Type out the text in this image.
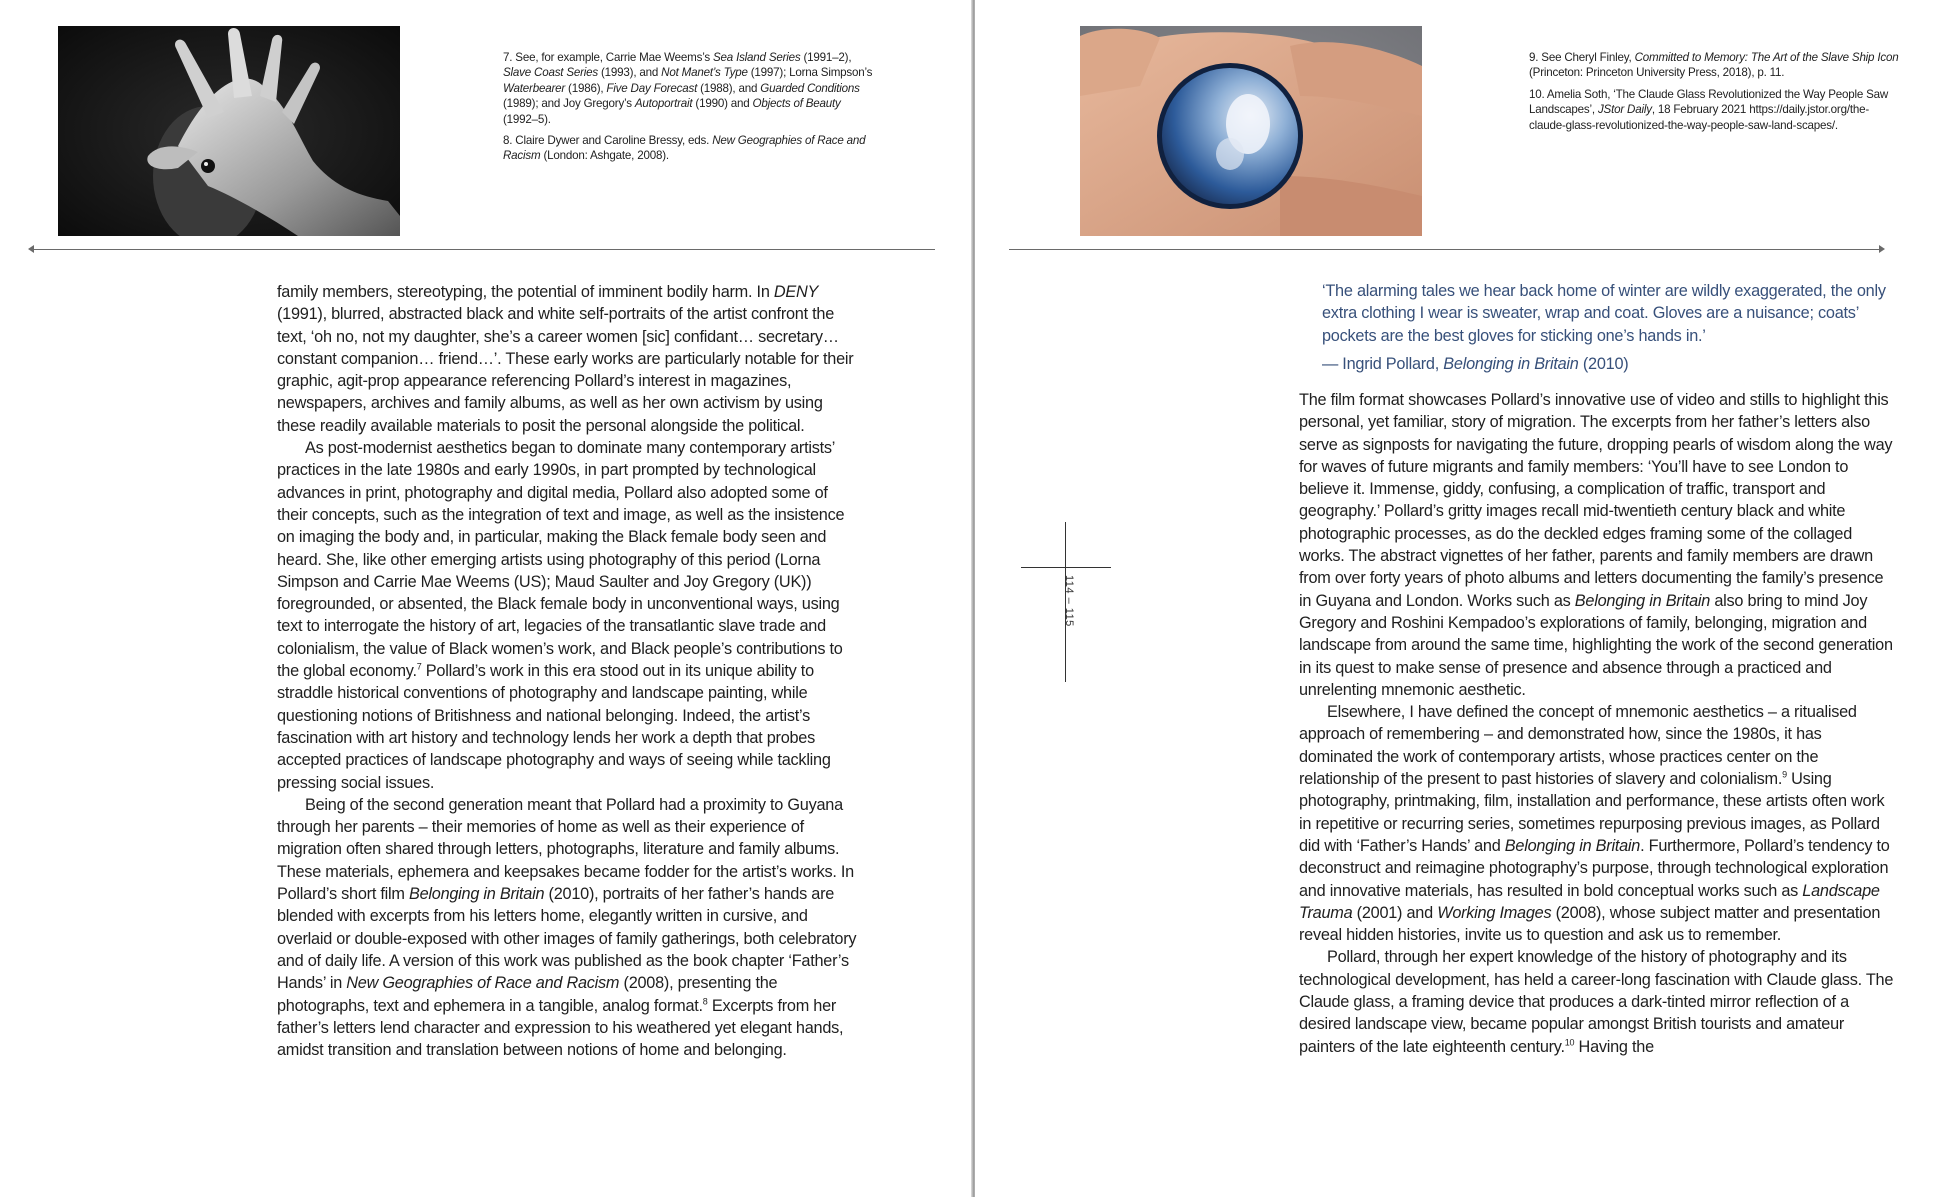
7. See, for example, Carrie Mae Weems’s Sea Island Series (1991–2), Slave Coast Series (1993), and Not Manet’s Type (1997); Lorna Simpson’s Waterbearer (1986), Five Day Forecast (1988), and Guarded Conditions (1989); and Joy Gregory’s Autoportrait (1990) and Objects of Beauty (1992–5).

8. Claire Dywer and Caroline Bressy, eds. New Geographies of Race and Racism (London: Ashgate, 2008).

family members, stereotyping, the potential of imminent bodily harm. In DENY (1991), blurred, abstracted black and white self-portraits of the artist confront the text, ‘oh no, not my daughter, she’s a career women [sic] confidant… secretary… constant companion… friend…’. These early works are particularly notable for their graphic, agit-prop appearance referencing Pollard’s interest in magazines, newspapers, archives and family albums, as well as her own activism by using these readily available materials to posit the personal alongside the political.

As post-modernist aesthetics began to dominate many contemporary artists’ practices in the late 1980s and early 1990s, in part prompted by technological advances in print, photography and digital media, Pollard also adopted some of their concepts, such as the integration of text and image, as well as the insistence on imaging the body and, in particular, making the Black female body seen and heard. She, like other emerging artists using photography of this period (Lorna Simpson and Carrie Mae Weems (US); Maud Saulter and Joy Gregory (UK)) foregrounded, or absented, the Black female body in unconventional ways, using text to interrogate the history of art, legacies of the transatlantic slave trade and colonialism, the value of Black women’s work, and Black people’s contributions to the global economy.$^7$ Pollard’s work in this era stood out in its unique ability to straddle historical conventions of photography and landscape painting, while questioning notions of Britishness and national belonging. Indeed, the artist’s fascination with art history and technology lends her work a depth that probes accepted practices of landscape photography and ways of seeing while tackling pressing social issues.

Being of the second generation meant that Pollard had a proximity to Guyana through her parents – their memories of home as well as their experience of migration often shared through letters, photographs, literature and family albums. These materials, ephemera and keepsakes became fodder for the artist’s works. In Pollard’s short film Belonging in Britain (2010), portraits of her father’s hands are blended with excerpts from his letters home, elegantly written in cursive, and overlaid or double-exposed with other images of family gatherings, both celebratory and of daily life. A version of this work was published as the book chapter ‘Father’s Hands’ in New Geographies of Race and Racism (2008), presenting the photographs, text and ephemera in a tangible, analog format.$^8$ Excerpts from her father’s letters lend character and expression to his weathered yet elegant hands, amidst transition and translation between notions of home and belonging.

9. See Cheryl Finley, Committed to Memory: The Art of the Slave Ship Icon (Princeton: Princeton University Press, 2018), p. 11.

10. Amelia Soth, ‘The Claude Glass Revolutionized the Way People Saw Landscapes’, JStor Daily, 18 February 2021 https://daily.jstor.org/the-claude-glass-revolutionized-the-way-people-saw-land-scapes/.

‘The alarming tales we hear back home of winter are wildly exaggerated, the only extra clothing I wear is sweater, wrap and coat. Gloves are a nuisance; coats’ pockets are the best gloves for sticking one’s hands in.’

— Ingrid Pollard, Belonging in Britain (2010)

114 – 115

The film format showcases Pollard’s innovative use of video and stills to highlight this personal, yet familiar, story of migration. The excerpts from her father’s letters also serve as signposts for navigating the future, dropping pearls of wisdom along the way for waves of future migrants and family members: ‘You’ll have to see London to believe it. Immense, giddy, confusing, a complication of traffic, transport and geography.’ Pollard’s gritty images recall mid-twentieth century black and white photographic processes, as do the deckled edges framing some of the collaged works. The abstract vignettes of her father, parents and family members are drawn from over forty years of photo albums and letters documenting the family’s presence in Guyana and London. Works such as Belonging in Britain also bring to mind Joy Gregory and Roshini Kempadoo’s explorations of family, belonging, migration and landscape from around the same time, highlighting the work of the second generation in its quest to make sense of presence and absence through a practiced and unrelenting mnemonic aesthetic.

Elsewhere, I have defined the concept of mnemonic aesthetics – a ritualised approach of remembering – and demonstrated how, since the 1980s, it has dominated the work of contemporary artists, whose practices center on the relationship of the present to past histories of slavery and colonialism.$^9$ Using photography, printmaking, film, installation and performance, these artists often work in repetitive or recurring series, sometimes repurposing previous images, as Pollard did with ‘Father’s Hands’ and Belonging in Britain. Furthermore, Pollard’s tendency to deconstruct and reimagine photography’s purpose, through technological exploration and innovative materials, has resulted in bold conceptual works such as Landscape Trauma (2001) and Working Images (2008), whose subject matter and presentation reveal hidden histories, invite us to question and ask us to remember.

Pollard, through her expert knowledge of the history of photography and its technological development, has held a career-long fascination with Claude glass. The Claude glass, a framing device that produces a dark-tinted mirror reflection of a desired landscape view, became popular amongst British tourists and amateur painters of the late eighteenth century.$^{10}$ Having the
